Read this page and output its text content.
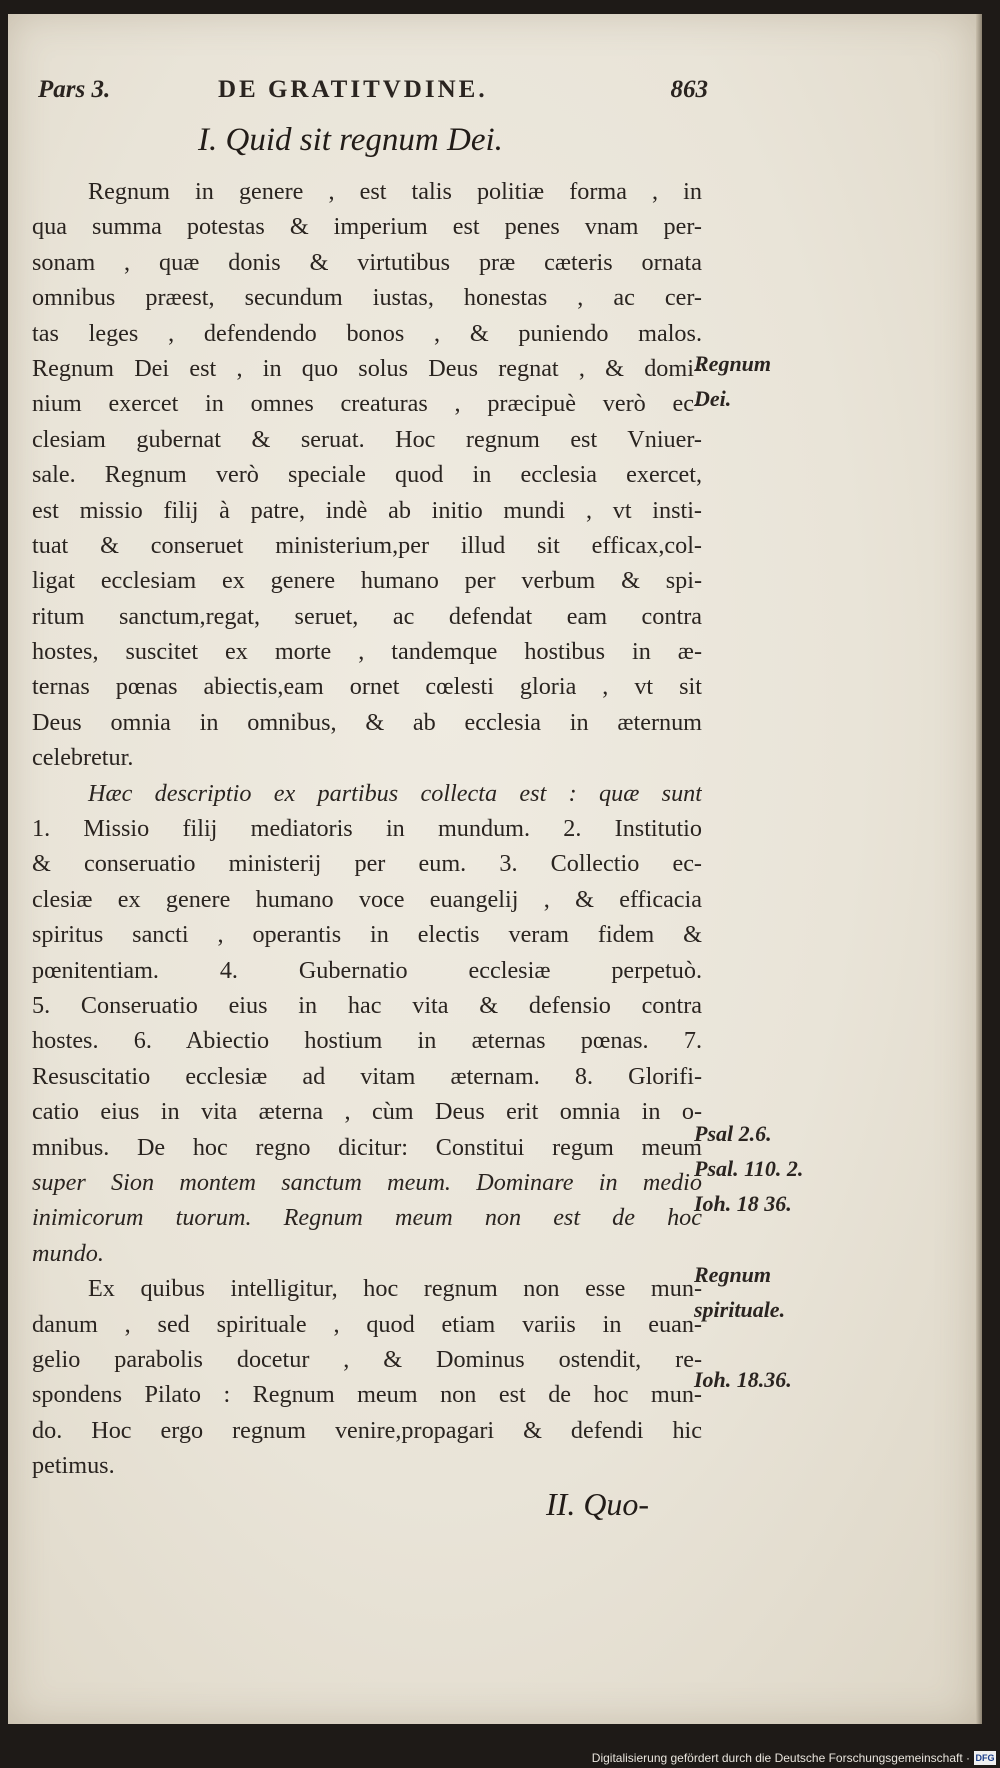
Pars 3.	DE GRATITVDINE.	863
I. Quid sit regnum Dei.
Regnum in genere , est talis politiæ forma , in
qua summa potestas & imperium est penes vnam per-
sonam , quæ donis & virtutibus præ cæteris ornata
omnibus præest, secundum iustas, honestas , ac cer-
tas leges , defendendo bonos , & puniendo malos.
Regnum Dei est , in quo solus Deus regnat , & domi-
nium exercet in omnes creaturas , præcipuè verò ec-
clesiam gubernat & seruat. Hoc regnum est Vniuer-
sale. Regnum verò speciale quod in ecclesia exercet,
est missio filij à patre, indè ab initio mundi , vt insti-
tuat & conseruet ministerium,per illud sit efficax,col-
ligat ecclesiam ex genere humano per verbum & spi-
ritum sanctum,regat, seruet, ac defendat eam contra
hostes, suscitet ex morte , tandemque hostibus in æ-
ternas pœnas abiectis,eam ornet cœlesti gloria , vt sit
Deus omnia in omnibus, & ab ecclesia in æternum
celebretur.
Hæc descriptio ex partibus collecta est : quæ sunt
1. Missio filij mediatoris in mundum. 2. Institutio
& conseruatio ministerij per eum. 3. Collectio ec-
clesiæ ex genere humano voce euangelij , & efficacia
spiritus sancti , operantis in electis veram fidem &
pœnitentiam. 4. Gubernatio ecclesiæ perpetuò.
5. Conseruatio eius in hac vita & defensio contra
hostes. 6. Abiectio hostium in æternas pœnas. 7.
Resuscitatio ecclesiæ ad vitam æternam. 8. Glorifi-
catio eius in vita æterna , cùm Deus erit omnia in o-
mnibus. De hoc regno dicitur: Constitui regum meum
super Sion montem sanctum meum. Dominare in medio
inimicorum tuorum. Regnum meum non est de hoc
mundo.
Ex quibus intelligitur, hoc regnum non esse mun-
danum , sed spirituale , quod etiam variis in euan-
gelio parabolis docetur , & Dominus ostendit, re-
spondens Pilato : Regnum meum non est de hoc mun-
do. Hoc ergo regnum venire,propagari & defendi hic
petimus.
Regnum
Dei.
Psal 2.6.
Psal. 110. 2.
Ioh. 18 36.
Regnum
spirituale.
Ioh. 18.36.
II. Quo-
Digitalisierung gefördert durch die Deutsche Forschungsgemeinschaft · DFG
